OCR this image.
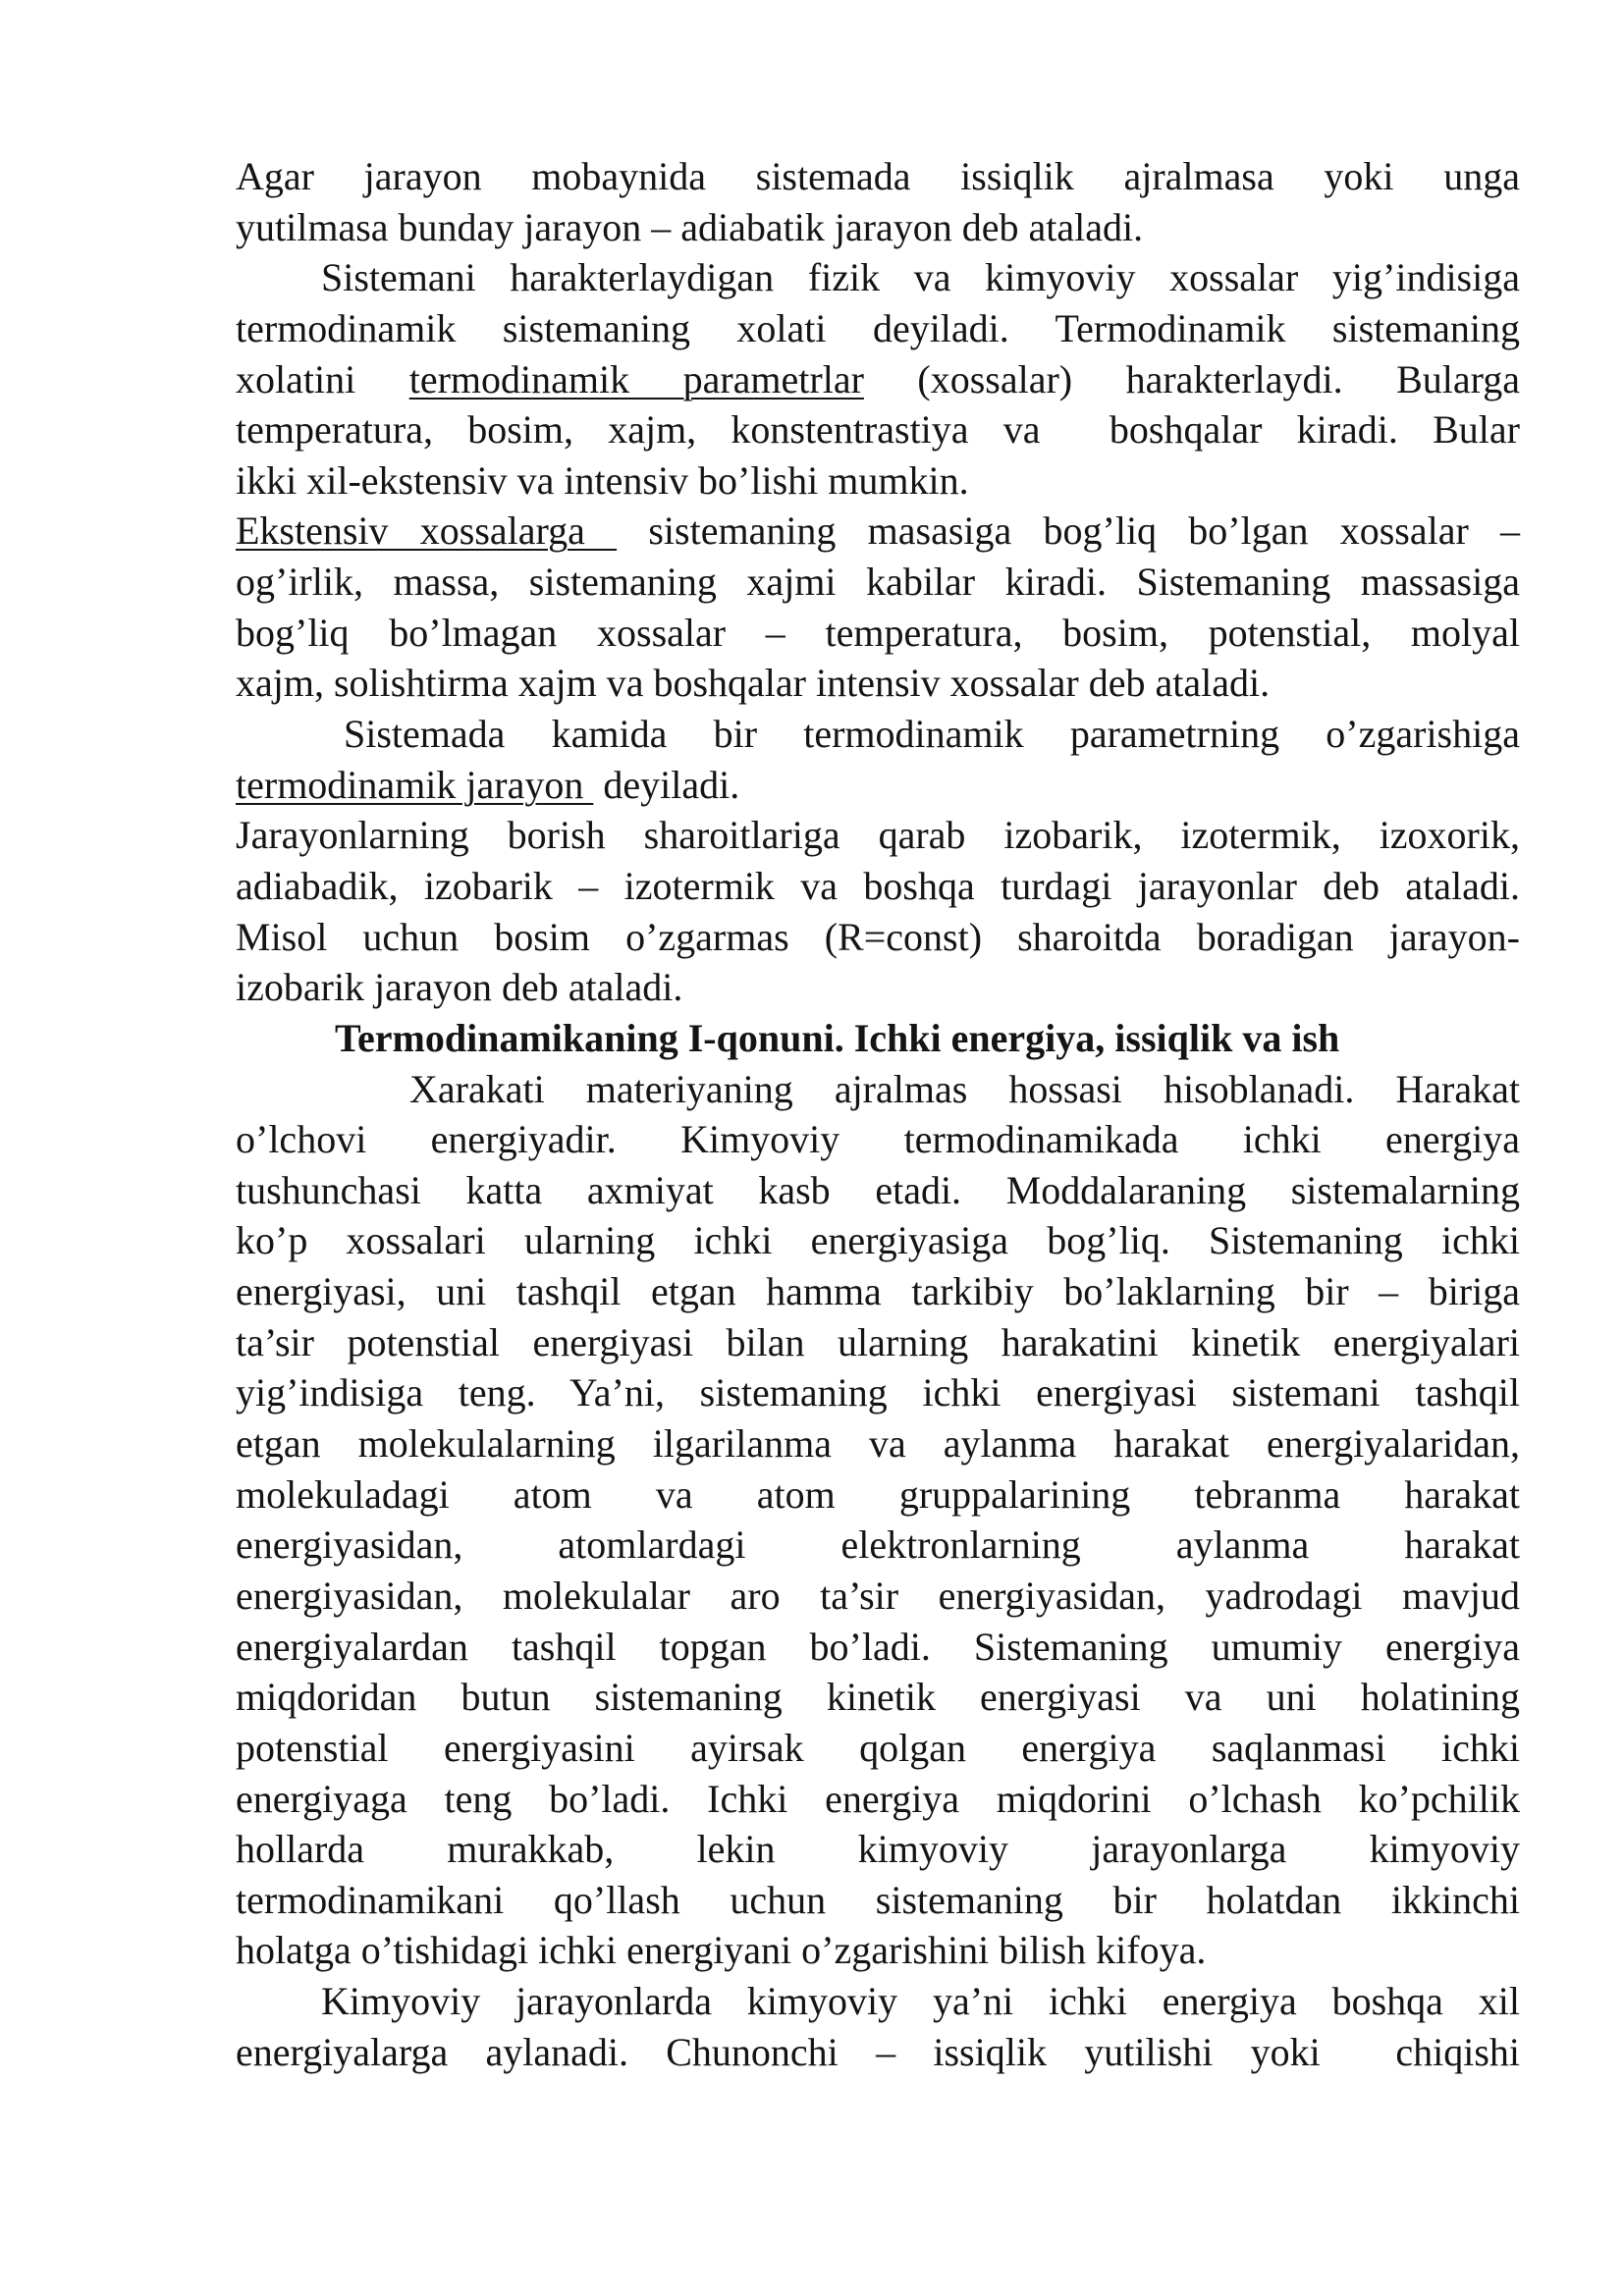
Agar jarayon mobaynida sistemada issiqlik ajralmasa yoki unga
yutilmasa bunday jarayon – adiabatik jarayon deb ataladi.
Sistemani harakterlaydigan fizik va kimyoviy xossalar yig’indisiga
termodinamik sistemaning xolati deyiladi. Termodinamik sistemaning
xolatini termodinamik parametrlar (xossalar) harakterlaydi. Bularga
temperatura, bosim, xajm, konstentrastiya va  boshqalar kiradi. Bular
ikki xil-ekstensiv va intensiv bo’lishi mumkin.
Ekstensiv xossalarga  sistemaning masasiga bog’liq bo’lgan xossalar –
og’irlik, massa, sistemaning xajmi kabilar kiradi. Sistemaning massasiga
bog’liq bo’lmagan xossalar – temperatura, bosim, potenstial, molyal
xajm, solishtirma xajm va boshqalar intensiv xossalar deb ataladi.
Sistemada kamida bir termodinamik parametrning o’zgarishiga
termodinamik jarayon  deyiladi.
Jarayonlarning borish sharoitlariga qarab izobarik, izotermik, izoxorik,
adiabadik, izobarik – izotermik va boshqa turdagi jarayonlar deb ataladi.
Misol uchun bosim o’zgarmas (R=const) sharoitda boradigan jarayon-
izobarik jarayon deb ataladi.
Termodinamikaning I-qonuni. Ichki energiya, issiqlik va ish
Xarakati materiyaning ajralmas hossasi hisoblanadi. Harakat
o’lchovi energiyadir. Kimyoviy termodinamikada ichki energiya
tushunchasi katta axmiyat kasb etadi. Moddalaraning sistemalarning
ko’p xossalari ularning ichki energiyasiga bog’liq. Sistemaning ichki
energiyasi, uni tashqil etgan hamma tarkibiy bo’laklarning bir – biriga
ta’sir potenstial energiyasi bilan ularning harakatini kinetik energiyalari
yig’indisiga teng. Ya’ni, sistemaning ichki energiyasi sistemani tashqil
etgan molekulalarning ilgarilanma va aylanma harakat energiyalaridan,
molekuladagi atom va atom gruppalarining tebranma harakat
energiyasidan, atomlardagi elektronlarning aylanma harakat
energiyasidan, molekulalar aro ta’sir energiyasidan, yadrodagi mavjud
energiyalardan tashqil topgan bo’ladi. Sistemaning umumiy energiya
miqdoridan butun sistemaning kinetik energiyasi va uni holatining
potenstial energiyasini ayirsak qolgan energiya saqlanmasi ichki
energiyaga teng bo’ladi. Ichki energiya miqdorini o’lchash ko’pchilik
hollarda murakkab, lekin kimyoviy jarayonlarga kimyoviy
termodinamikani qo’llash uchun sistemaning bir holatdan ikkinchi
holatga o’tishidagi ichki energiyani o’zgarishini bilish kifoya.
Kimyoviy jarayonlarda kimyoviy ya’ni ichki energiya boshqa xil
energiyalarga aylanadi. Chunonchi – issiqlik yutilishi yoki  chiqishi
